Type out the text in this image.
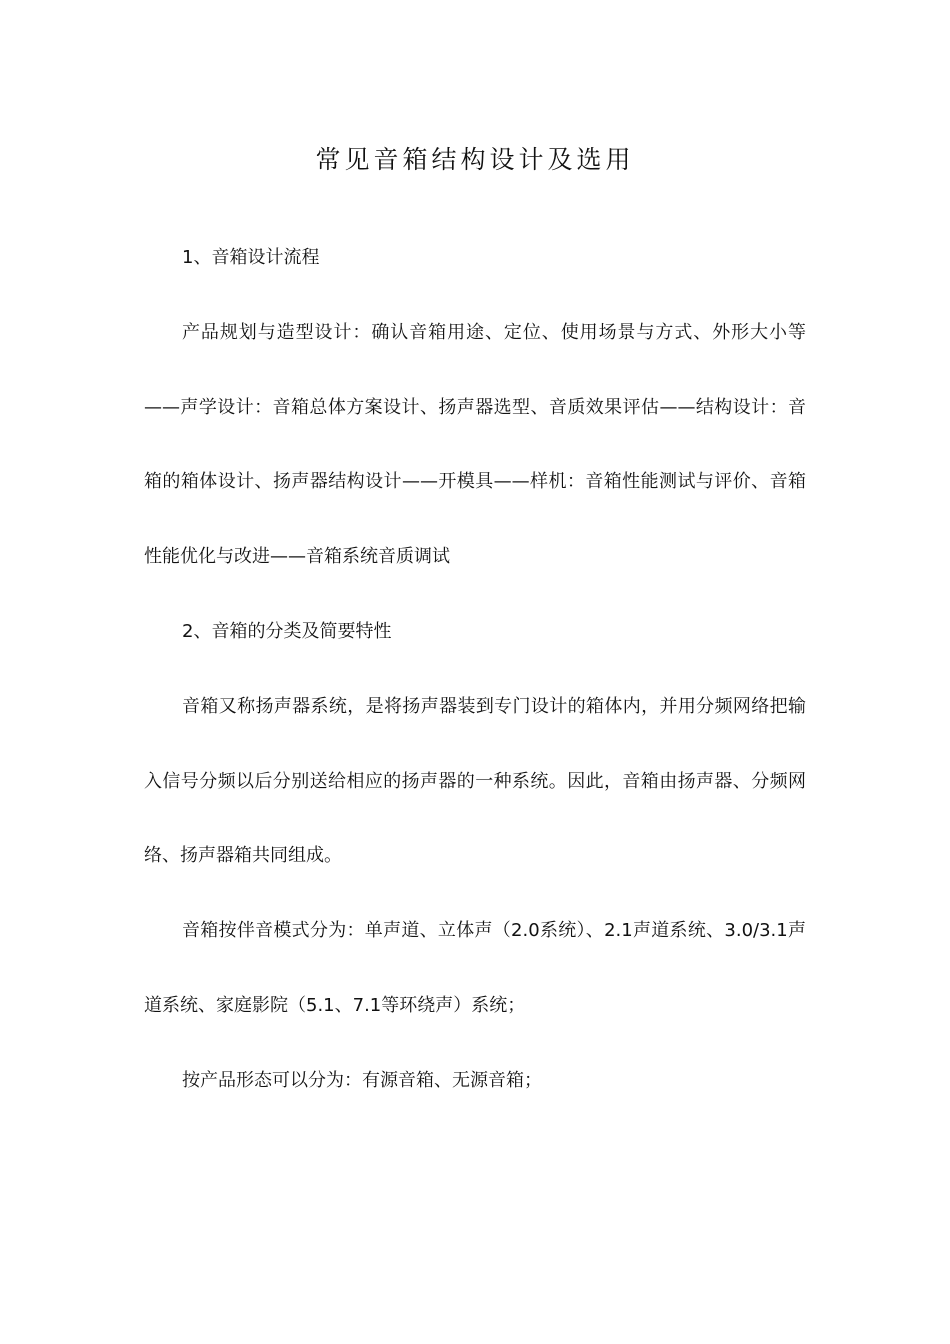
常见音箱结构设计及选用

1、音箱设计流程

产品规划与造型设计：确认音箱用途、定位、使用场景与方式、外形大小等——声学设计：音箱总体方案设计、扬声器选型、音质效果评估——结构设计：音箱的箱体设计、扬声器结构设计——开模具——样机：音箱性能测试与评价、音箱性能优化与改进——音箱系统音质调试

2、音箱的分类及简要特性

音箱又称扬声器系统，是将扬声器装到专门设计的箱体内，并用分频网络把输入信号分频以后分别送给相应的扬声器的一种系统。因此，音箱由扬声器、分频网络、扬声器箱共同组成。

音箱按伴音模式分为：单声道、立体声（2.0系统）、2.1声道系统、3.0/3.1声道系统、家庭影院（5.1、7.1等环绕声）系统；

按产品形态可以分为：有源音箱、无源音箱；
